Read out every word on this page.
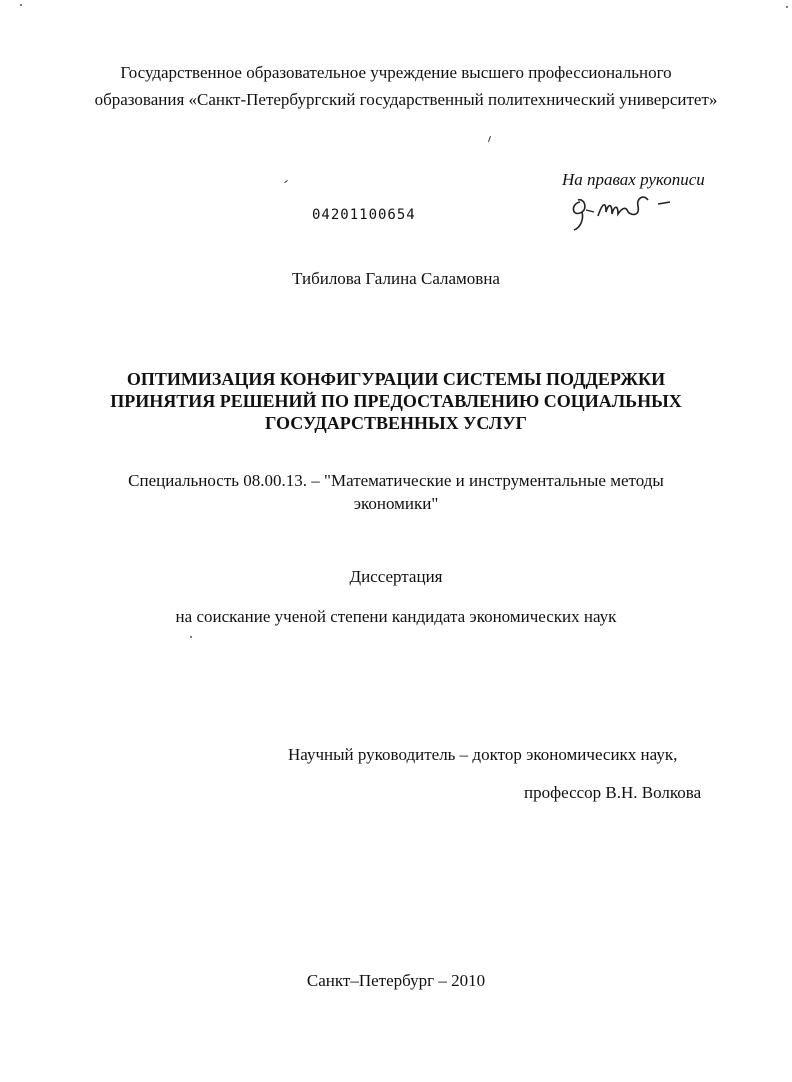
Государственное образовательное учреждение высшего профессионального
образования «Санкт-Петербургский государственный политехнический университет»
На правах рукописи
04201100654
Тибилова Галина Саламовна
ОПТИМИЗАЦИЯ КОНФИГУРАЦИИ СИСТЕМЫ ПОДДЕРЖКИ
ПРИНЯТИЯ РЕШЕНИЙ ПО ПРЕДОСТАВЛЕНИЮ СОЦИАЛЬНЫХ
ГОСУДАРСТВЕННЫХ УСЛУГ
Специальность 08.00.13. – "Математические и инструментальные методы
экономики"
Диссертация
на соискание ученой степени кандидата экономических наук
Научный руководитель – доктор экономичесикх наук,
профессор В.Н. Волкова
Санкт–Петербург – 2010
